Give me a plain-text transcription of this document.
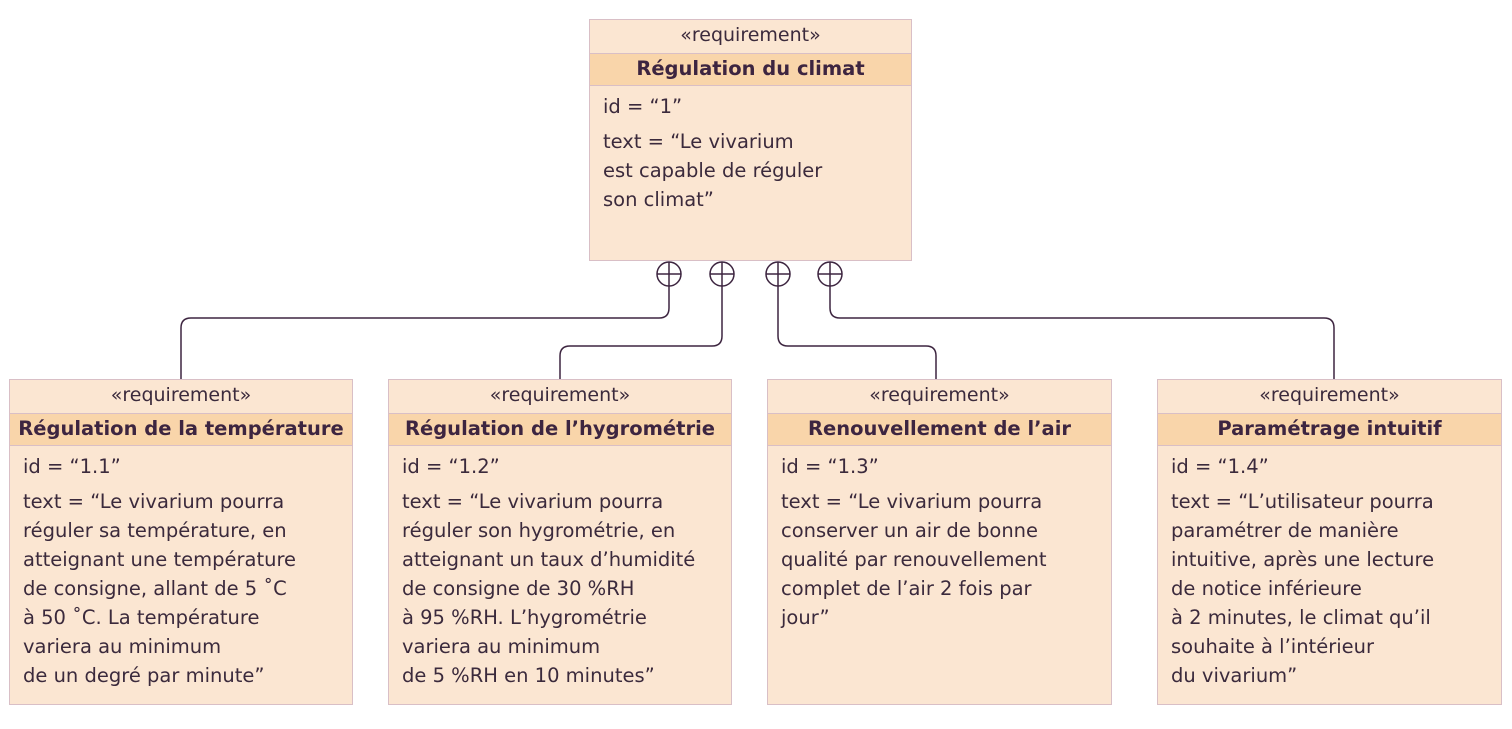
«requirement»
Régulation du climat
id = “1”
text = “Le vivarium
est capable de réguler
son climat”
«requirement»
Régulation de la température
id = “1.1”
text = “Le vivarium pourra
réguler sa température, en
atteignant une température
de consigne, allant de 5 ˚C
à 50 ˚C. La température
variera au minimum
de un degré par minute”
«requirement»
Régulation de l’hygrométrie
id = “1.2”
text = “Le vivarium pourra
réguler son hygrométrie, en
atteignant un taux d’humidité
de consigne de 30 %RH
à 95 %RH. L’hygrométrie
variera au minimum
de 5 %RH en 10 minutes”
«requirement»
Renouvellement de l’air
id = “1.3”
text = “Le vivarium pourra
conserver un air de bonne
qualité par renouvellement
complet de l’air 2 fois par
jour”
«requirement»
Paramétrage intuitif
id = “1.4”
text = “L’utilisateur pourra
paramétrer de manière
intuitive, après une lecture
de notice inférieure
à 2 minutes, le climat qu’il
souhaite à l’intérieur
du vivarium”
